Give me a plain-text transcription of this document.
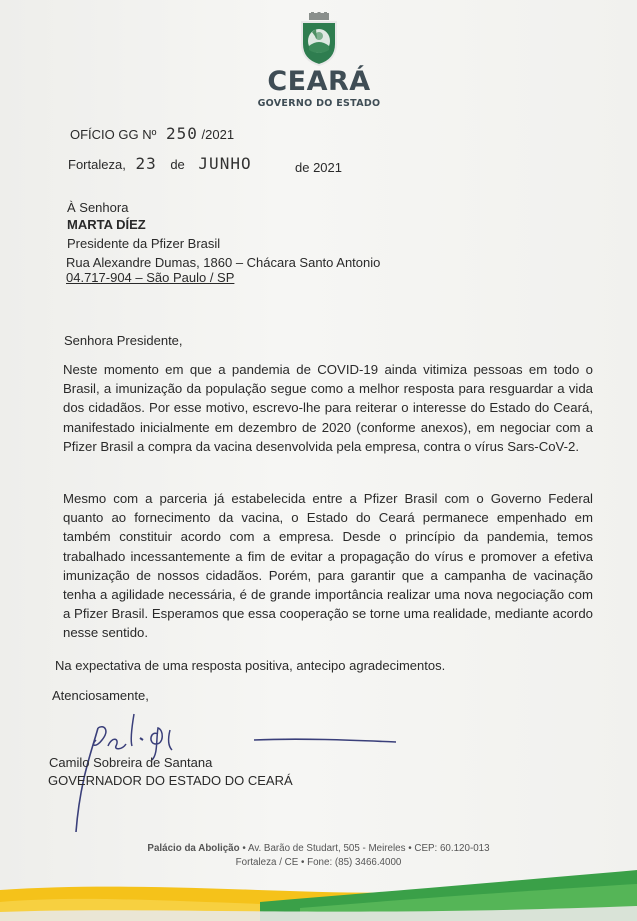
CEARÁ
GOVERNO DO ESTADO
OFÍCIO GG Nº 250 /2021
Fortaleza, 23 de JUNHO	de 2021
À Senhora
MARTA DÍEZ
Presidente da Pfizer Brasil
Rua Alexandre Dumas, 1860 – Chácara Santo Antonio
04.717-904 – São Paulo / SP
Senhora Presidente,
Neste momento em que a pandemia de COVID-19 ainda vitimiza pessoas em todo o Brasil, a imunização da população segue como a melhor resposta para resguardar a vida dos cidadãos. Por esse motivo, escrevo-lhe para reiterar o interesse do Estado do Ceará, manifestado inicialmente em dezembro de 2020 (conforme anexos), em negociar com a Pfizer Brasil a compra da vacina desenvolvida pela empresa, contra o vírus Sars-CoV-2.
Mesmo com a parceria já estabelecida entre a Pfizer Brasil com o Governo Federal quanto ao fornecimento da vacina, o Estado do Ceará permanece empenhado em também constituir acordo com a empresa. Desde o princípio da pandemia, temos trabalhado incessantemente a fim de evitar a propagação do vírus e promover a efetiva imunização de nossos cidadãos. Porém, para garantir que a campanha de vacinação tenha a agilidade necessária, é de grande importância realizar uma nova negociação com a Pfizer Brasil. Esperamos que essa cooperação se torne uma realidade, mediante acordo nesse sentido.
Na expectativa de uma resposta positiva, antecipo agradecimentos.
Atenciosamente,
Camilo Sobreira de Santana
GOVERNADOR DO ESTADO DO CEARÁ
Palácio da Abolição • Av. Barão de Studart, 505 - Meireles • CEP: 60.120-013
Fortaleza / CE • Fone: (85) 3466.4000
